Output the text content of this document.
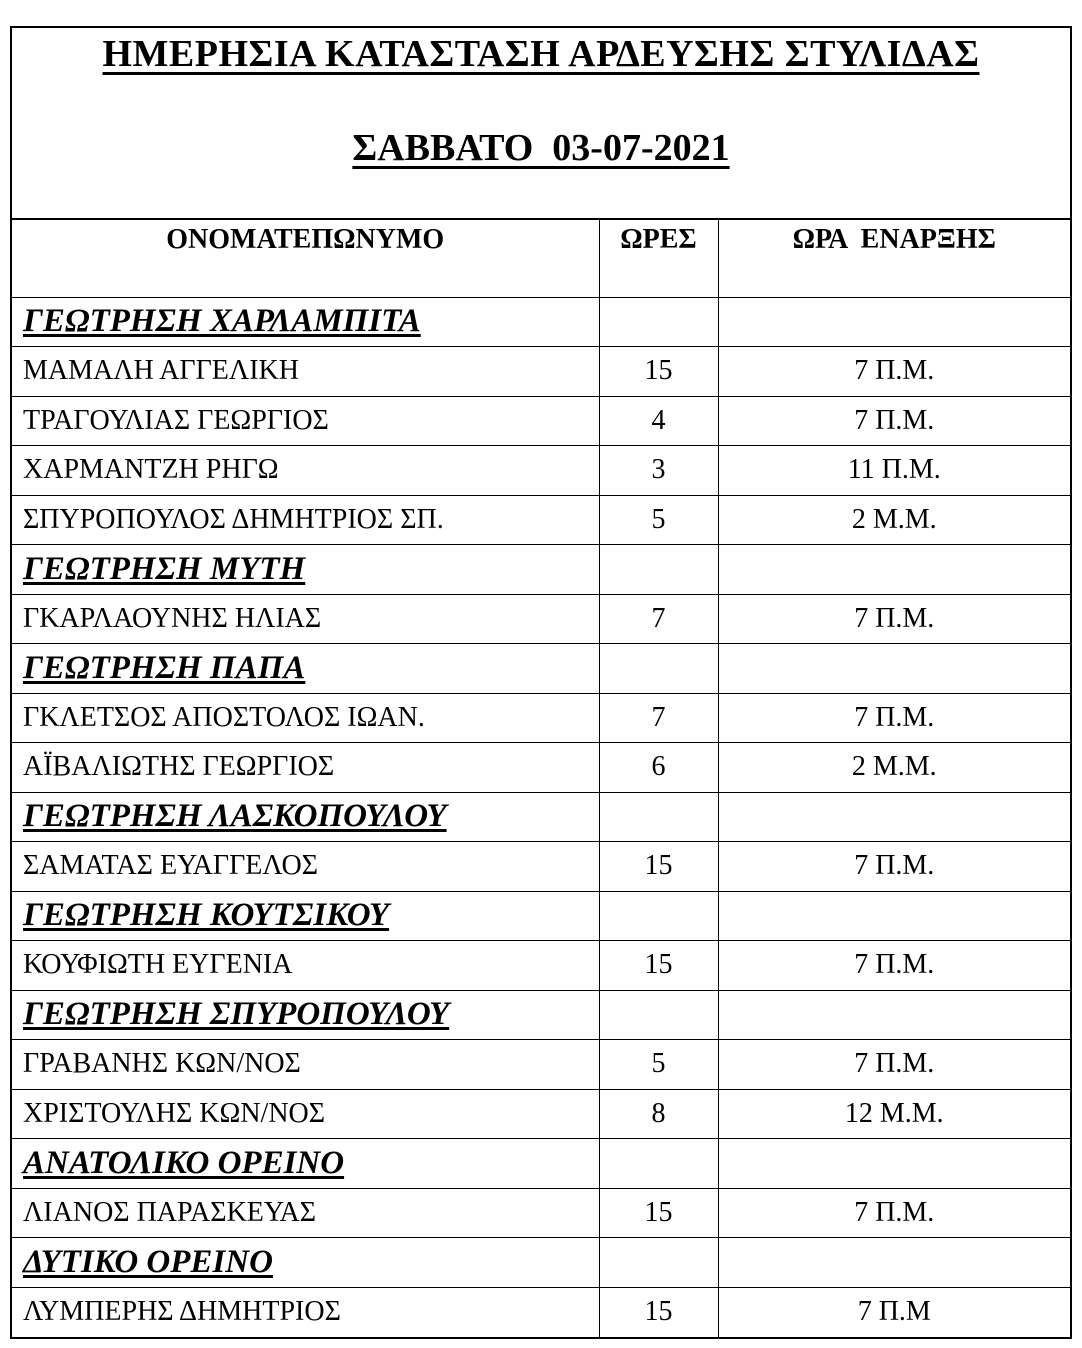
ΗΜΕΡΗΣΙΑ ΚΑΤΑΣΤΑΣΗ ΑΡΔΕΥΣΗΣ ΣΤΥΛΙΔΑΣ
ΣΑΒΒΑΤΟ  03-07-2021
ΟΝΟΜΑΤΕΠΩΝΥΜΟ	ΩΡΕΣ	ΩΡΑ  ΕΝΑΡΞΗΣ
ΓΕΩΤΡΗΣΗ ΧΑΡΛΑΜΠΙΤΑ		
ΜΑΜΑΛΗ ΑΓΓΕΛΙΚΗ	15	7 Π.Μ.
ΤΡΑΓΟΥΛΙΑΣ ΓΕΩΡΓΙΟΣ	4	7 Π.Μ.
ΧΑΡΜΑΝΤΖΗ ΡΗΓΩ	3	11 Π.Μ.
ΣΠΥΡΟΠΟΥΛΟΣ ΔΗΜΗΤΡΙΟΣ ΣΠ.	5	2 Μ.Μ.
ΓΕΩΤΡΗΣΗ ΜΥΤΗ		
ΓΚΑΡΛΑΟΥΝΗΣ ΗΛΙΑΣ	7	7 Π.Μ.
ΓΕΩΤΡΗΣΗ ΠΑΠΑ		
ΓΚΛΕΤΣΟΣ ΑΠΟΣΤΟΛΟΣ ΙΩΑΝ.	7	7 Π.Μ.
ΑΪΒΑΛΙΩΤΗΣ ΓΕΩΡΓΙΟΣ	6	2 Μ.Μ.
ΓΕΩΤΡΗΣΗ ΛΑΣΚΟΠΟΥΛΟΥ		
ΣΑΜΑΤΑΣ ΕΥΑΓΓΕΛΟΣ	15	7 Π.Μ.
ΓΕΩΤΡΗΣΗ ΚΟΥΤΣΙΚΟΥ		
ΚΟΥΦΙΩΤΗ ΕΥΓΕΝΙΑ	15	7 Π.Μ.
ΓΕΩΤΡΗΣΗ ΣΠΥΡΟΠΟΥΛΟΥ		
ΓΡΑΒΑΝΗΣ ΚΩΝ/ΝΟΣ	5	7 Π.Μ.
ΧΡΙΣΤΟΥΛΗΣ ΚΩΝ/ΝΟΣ	8	12 Μ.Μ.
ΑΝΑΤΟΛΙΚΟ ΟΡΕΙΝΟ		
ΛΙΑΝΟΣ ΠΑΡΑΣΚΕΥΑΣ	15	7 Π.Μ.
ΔΥΤΙΚΟ ΟΡΕΙΝΟ		
ΛΥΜΠΕΡΗΣ ΔΗΜΗΤΡΙΟΣ	15	7 Π.Μ
